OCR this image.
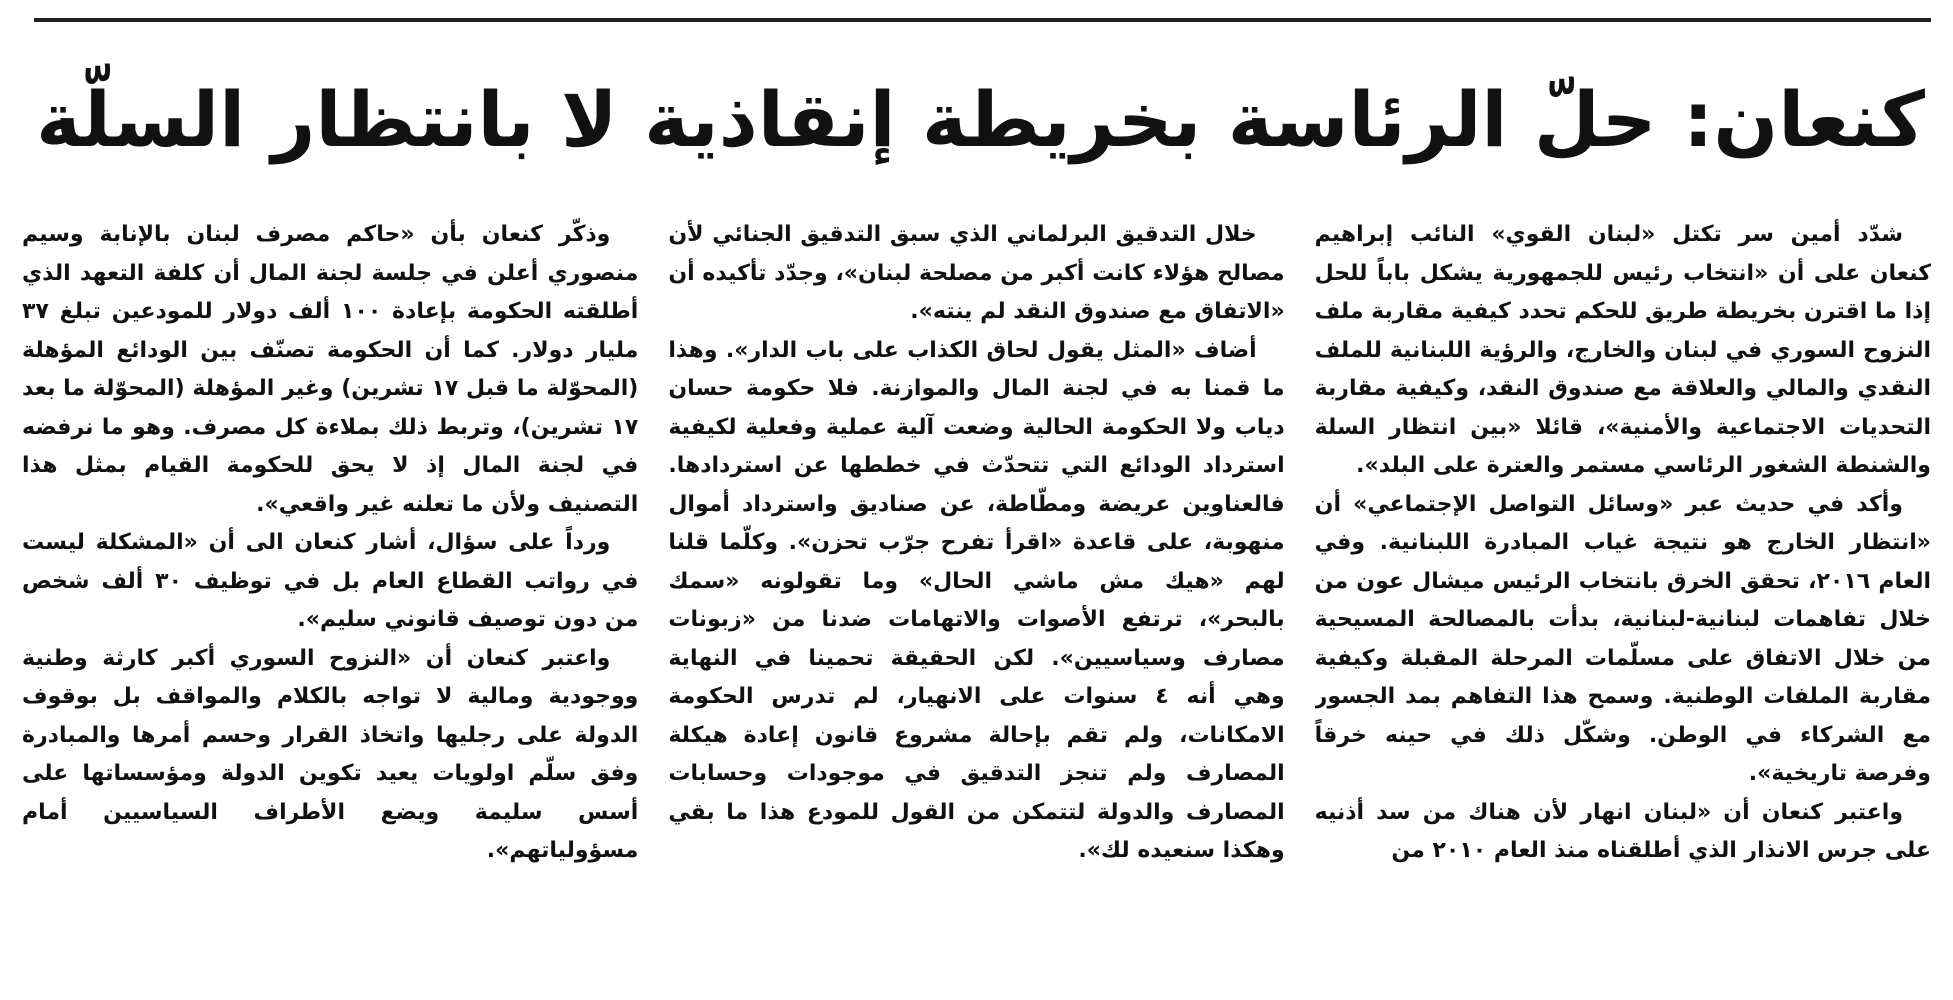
كنعان: حلّ الرئاسة بخريطة إنقاذية لا بانتظار السلّة

شدّد أمين سر تكتل «لبنان القوي» النائب إبراهيم كنعان على أن «انتخاب رئيس للجمهورية يشكل باباً للحل إذا ما اقترن بخريطة طريق للحكم تحدد كيفية مقاربة ملف النزوح السوري في لبنان والخارج، والرؤية اللبنانية للملف النقدي والمالي والعلاقة مع صندوق النقد، وكيفية مقاربة التحديات الاجتماعية والأمنية»، قائلا «بين انتظار السلة والشنطة الشغور الرئاسي مستمر والعترة على البلد».

وأكد في حديث عبر «وسائل التواصل الإجتماعي» أن «انتظار الخارج هو نتيجة غياب المبادرة اللبنانية. وفي العام ٢٠١٦، تحقق الخرق بانتخاب الرئيس ميشال عون من خلال تفاهمات لبنانية-لبنانية، بدأت بالمصالحة المسيحية من خلال الاتفاق على مسلّمات المرحلة المقبلة وكيفية مقاربة الملفات الوطنية. وسمح هذا التفاهم بمد الجسور مع الشركاء في الوطن. وشكّل ذلك في حينه خرقاً وفرصة تاريخية».

واعتبر كنعان أن «لبنان انهار لأن هناك من سد أذنيه على جرس الانذار الذي أطلقناه منذ العام ٢٠١٠ من

خلال التدقيق البرلماني الذي سبق التدقيق الجنائي لأن مصالح هؤلاء كانت أكبر من مصلحة لبنان»، وجدّد تأكيده أن «الاتفاق مع صندوق النقد لم ينته».

أضاف «المثل يقول لحاق الكذاب على باب الدار». وهذا ما قمنا به في لجنة المال والموازنة. فلا حكومة حسان دياب ولا الحكومة الحالية وضعت آلية عملية وفعلية لكيفية استرداد الودائع التي تتحدّث في خططها عن استردادها. فالعناوين عريضة ومطّاطة، عن صناديق واسترداد أموال منهوبة، على قاعدة «اقرأ تفرح جرّب تحزن». وكلّما قلنا لهم «هيك مش ماشي الحال» وما تقولونه «سمك بالبحر»، ترتفع الأصوات والاتهامات ضدنا من «زبونات مصارف وسياسيين». لكن الحقيقة تحمينا في النهاية وهي أنه ٤ سنوات على الانهيار، لم تدرس الحكومة الامكانات، ولم تقم بإحالة مشروع قانون إعادة هيكلة المصارف ولم تنجز التدقيق في موجودات وحسابات المصارف والدولة لتتمكن من القول للمودع هذا ما بقي وهكذا سنعيده لك».

وذكّر كنعان بأن «حاكم مصرف لبنان بالإنابة وسيم منصوري أعلن في جلسة لجنة المال أن كلفة التعهد الذي أطلقته الحكومة بإعادة ١٠٠ ألف دولار للمودعين تبلغ ٣٧ مليار دولار. كما أن الحكومة تصنّف بين الودائع المؤهلة (المحوّلة ما قبل ١٧ تشرين) وغير المؤهلة (المحوّلة ما بعد ١٧ تشرين)، وتربط ذلك بملاءة كل مصرف. وهو ما نرفضه في لجنة المال إذ لا يحق للحكومة القيام بمثل هذا التصنيف ولأن ما تعلنه غير واقعي».

ورداً على سؤال، أشار كنعان الى أن «المشكلة ليست في رواتب القطاع العام بل في توظيف ٣٠ ألف شخص من دون توصيف قانوني سليم».

واعتبر كنعان أن «النزوح السوري أكبر كارثة وطنية ووجودية ومالية لا تواجه بالكلام والمواقف بل بوقوف الدولة على رجليها واتخاذ القرار وحسم أمرها والمبادرة وفق سلّم اولويات يعيد تكوين الدولة ومؤسساتها على أسس سليمة ويضع الأطراف السياسيين أمام مسؤولياتهم».
